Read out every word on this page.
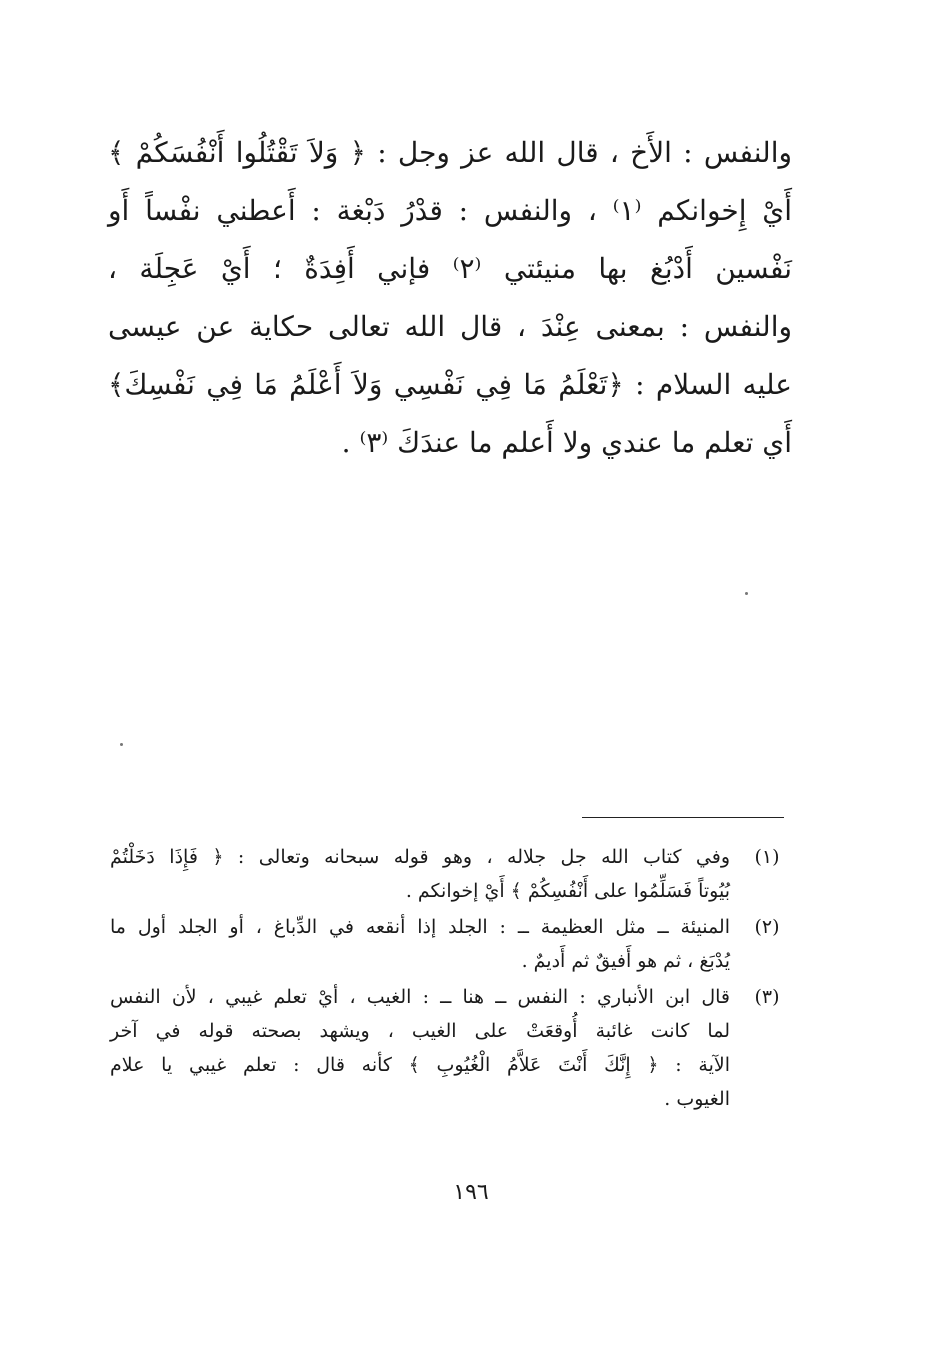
والنفس : الأَخ ، قال الله عز وجل : ﴿ وَلاَ تَقْتُلُوا أَنْفُسَكُمْ ﴾
أَيْ إِخوانكم ⁽١⁾ ، والنفس : قدْرُ دَبْغة : أَعطني نفْساً أَو
نَفْسين أَدْبُغ بها منيئتي ⁽٢⁾ فإني أَفِدَةٌ ؛ أَيْ عَجِلَة ،
والنفس : بمعنى عِنْدَ ، قال الله تعالى حكاية عن عيسى
عليه السلام : ﴿تَعْلَمُ مَا فِي نَفْسِي وَلاَ أَعْلَمُ مَا فِي نَفْسِكَ﴾
أَي تعلم ما عندي ولا أَعلم ما عندَكَ ⁽٣⁾ .
(١)
وفي كتاب الله جل جلاله ، وهو قوله سبحانه وتعالى : ﴿ فَإِذَا دَخَلْتُمْ
بُيُوتاً فَسَلِّمُوا على أَنْفُسِكُمْ ﴾ أَيْ إخوانكم .
(٢)
المنيئة ــ مثل العظيمة ــ : الجلد إذا أنقعه في الدِّباغ ، أو الجلد أول ما
يُدْبَغ ، ثم هو أَفيقٌ ثم أَديمٌ .
(٣)
قال ابن الأنباري : النفس ــ هنا ــ : الغيب ، أيْ تعلم غيبي ، لأن النفس
لما كانت غائبة أُوقعَتْ على الغيب ، ويشهد بصحته قوله في آخر
الآية : ﴿ إِنَّكَ أَنْتَ عَلاَّمُ الْغُيُوبِ ﴾ كأنه قال : تعلم غيبي يا علام
الغيوب .
١٩٦
